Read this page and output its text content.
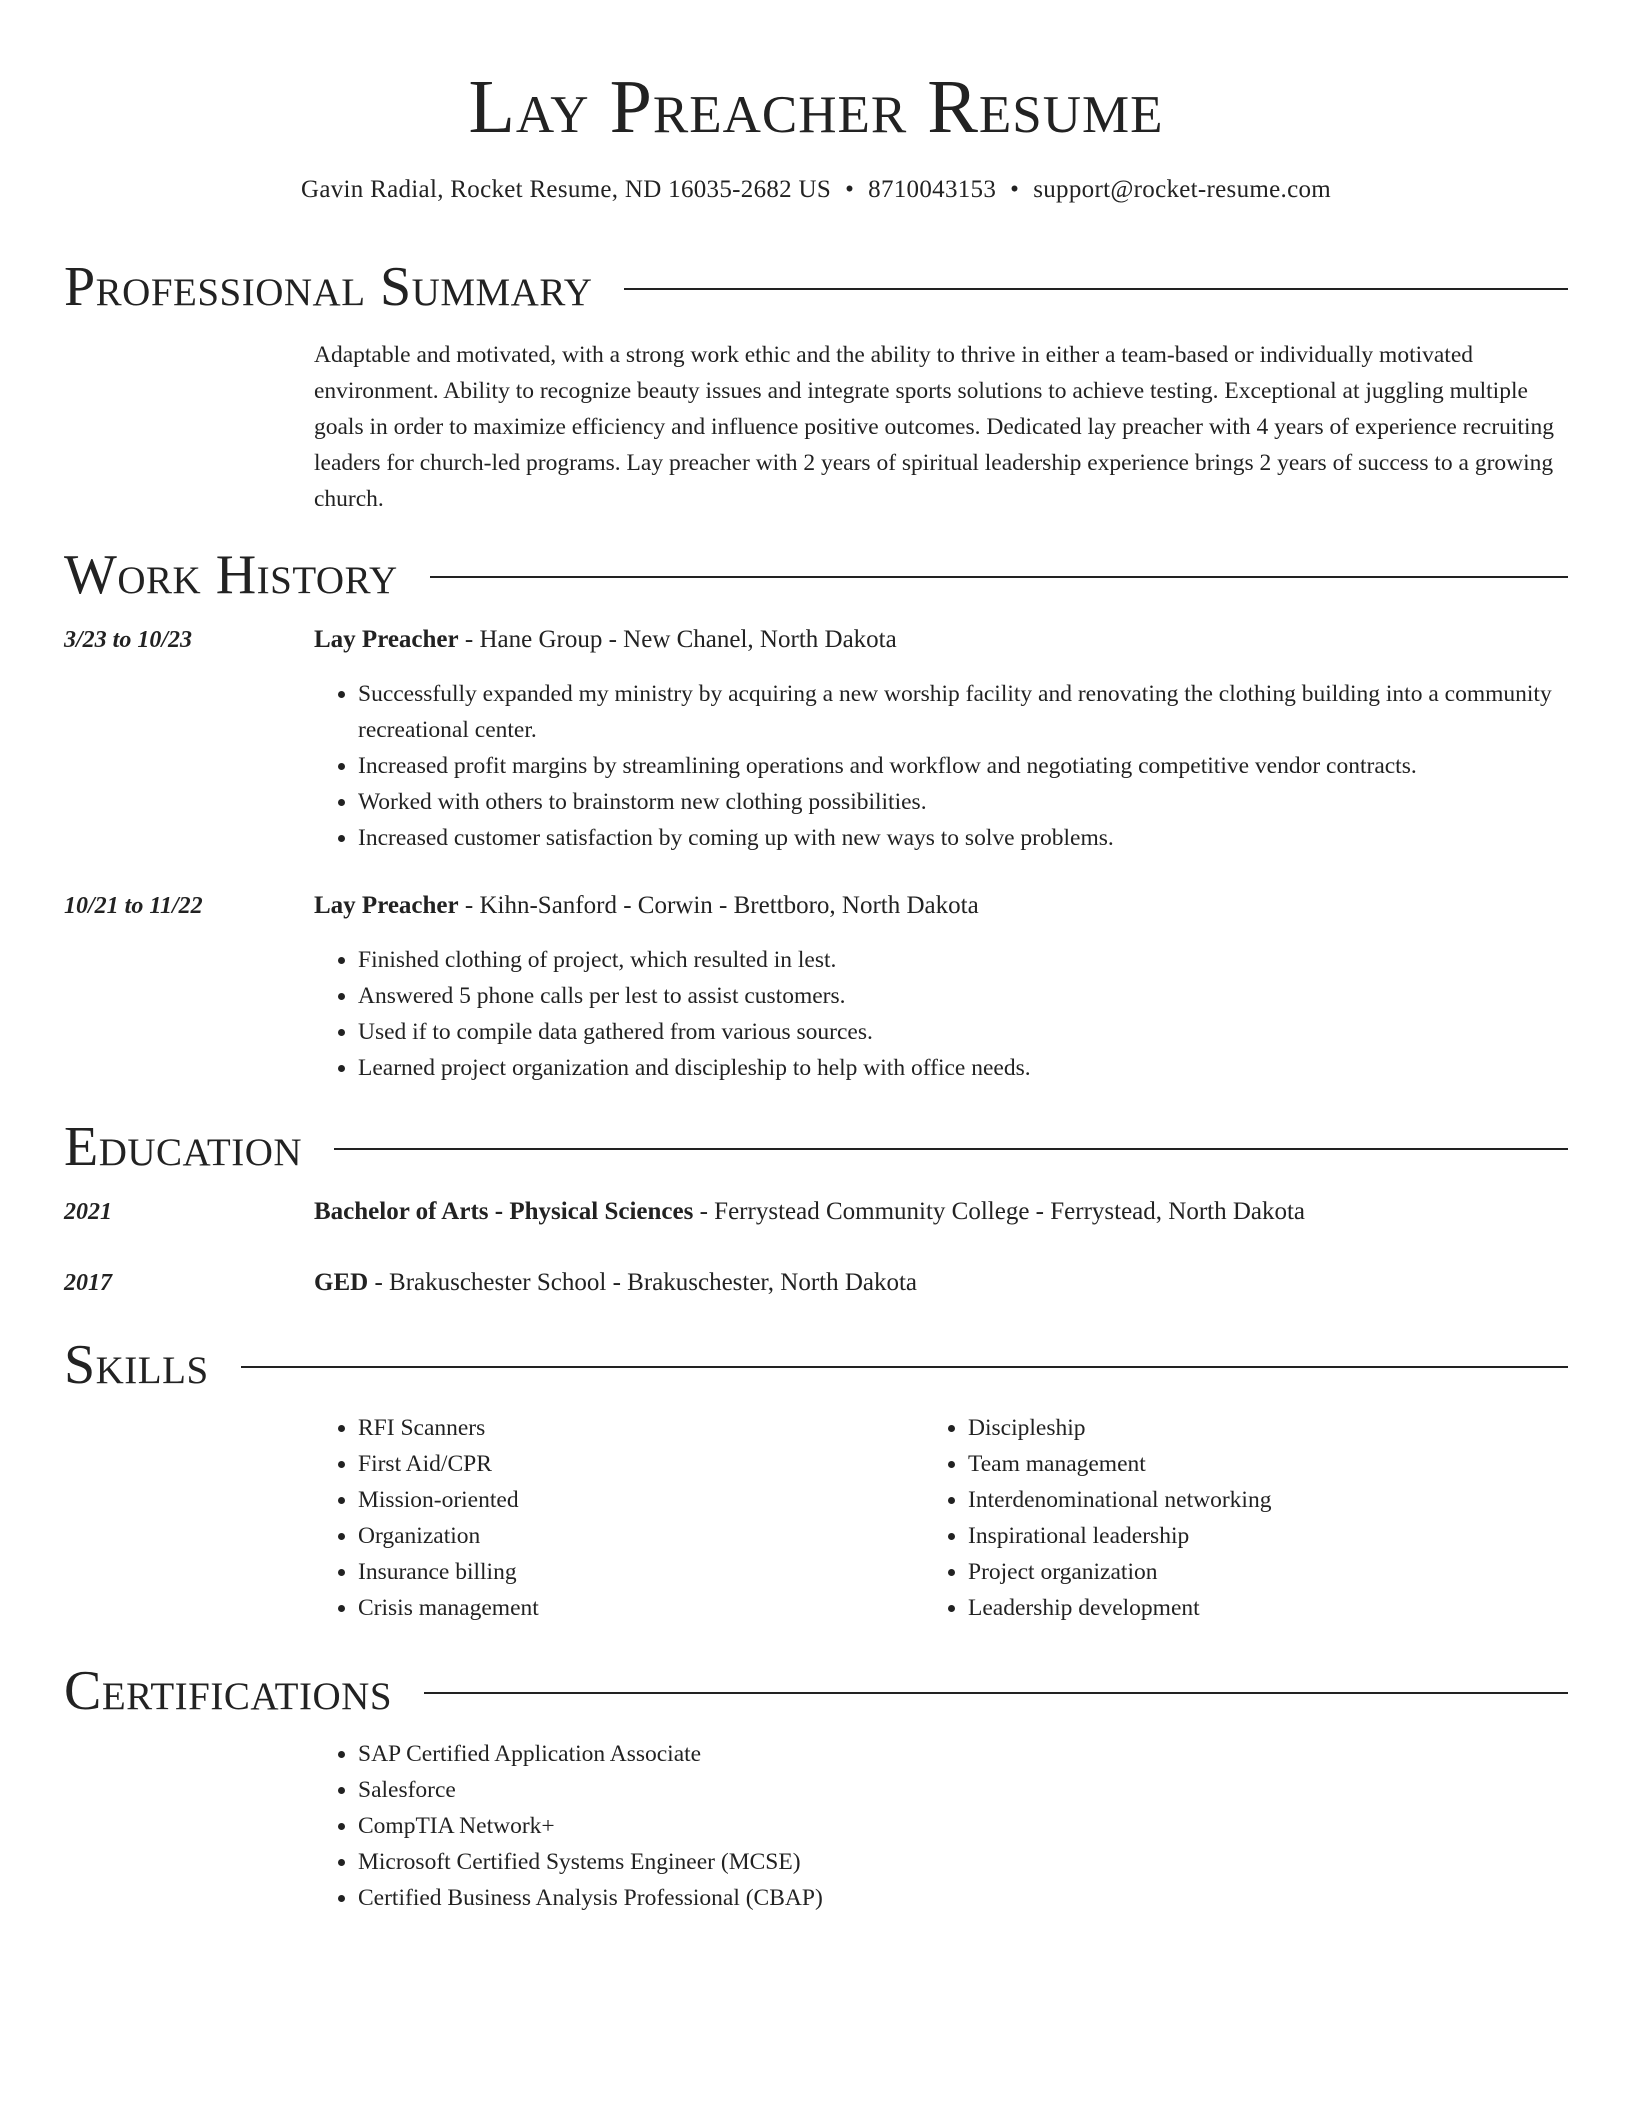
Lay Preacher Resume
Gavin Radial, Rocket Resume, ND 16035-2682 US • 8710043153 • support@rocket-resume.com
Professional Summary

Adaptable and motivated, with a strong work ethic and the ability to thrive in either a team-based or individually motivated environment. Ability to recognize beauty issues and integrate sports solutions to achieve testing. Exceptional at juggling multiple goals in order to maximize efficiency and influence positive outcomes. Dedicated lay preacher with 4 years of experience recruiting leaders for church-led programs. Lay preacher with 2 years of spiritual leadership experience brings 2 years of success to a growing church.

Work History
3/23 to 10/23	Lay Preacher - Hane Group - New Chanel, North Dakota
• Successfully expanded my ministry by acquiring a new worship facility and renovating the clothing building into a community recreational center.
• Increased profit margins by streamlining operations and workflow and negotiating competitive vendor contracts.
• Worked with others to brainstorm new clothing possibilities.
• Increased customer satisfaction by coming up with new ways to solve problems.
10/21 to 11/22	Lay Preacher - Kihn-Sanford - Corwin - Brettboro, North Dakota
• Finished clothing of project, which resulted in lest.
• Answered 5 phone calls per lest to assist customers.
• Used if to compile data gathered from various sources.
• Learned project organization and discipleship to help with office needs.
Education
2021	Bachelor of Arts - Physical Sciences - Ferrystead Community College - Ferrystead, North Dakota
2017	GED - Brakuschester School - Brakuschester, North Dakota
Skills
• RFI Scanners
• First Aid/CPR
• Mission-oriented
• Organization
• Insurance billing
• Crisis management
• Discipleship
• Team management
• Interdenominational networking
• Inspirational leadership
• Project organization
• Leadership development
Certifications
• SAP Certified Application Associate
• Salesforce
• CompTIA Network+
• Microsoft Certified Systems Engineer (MCSE)
• Certified Business Analysis Professional (CBAP)
